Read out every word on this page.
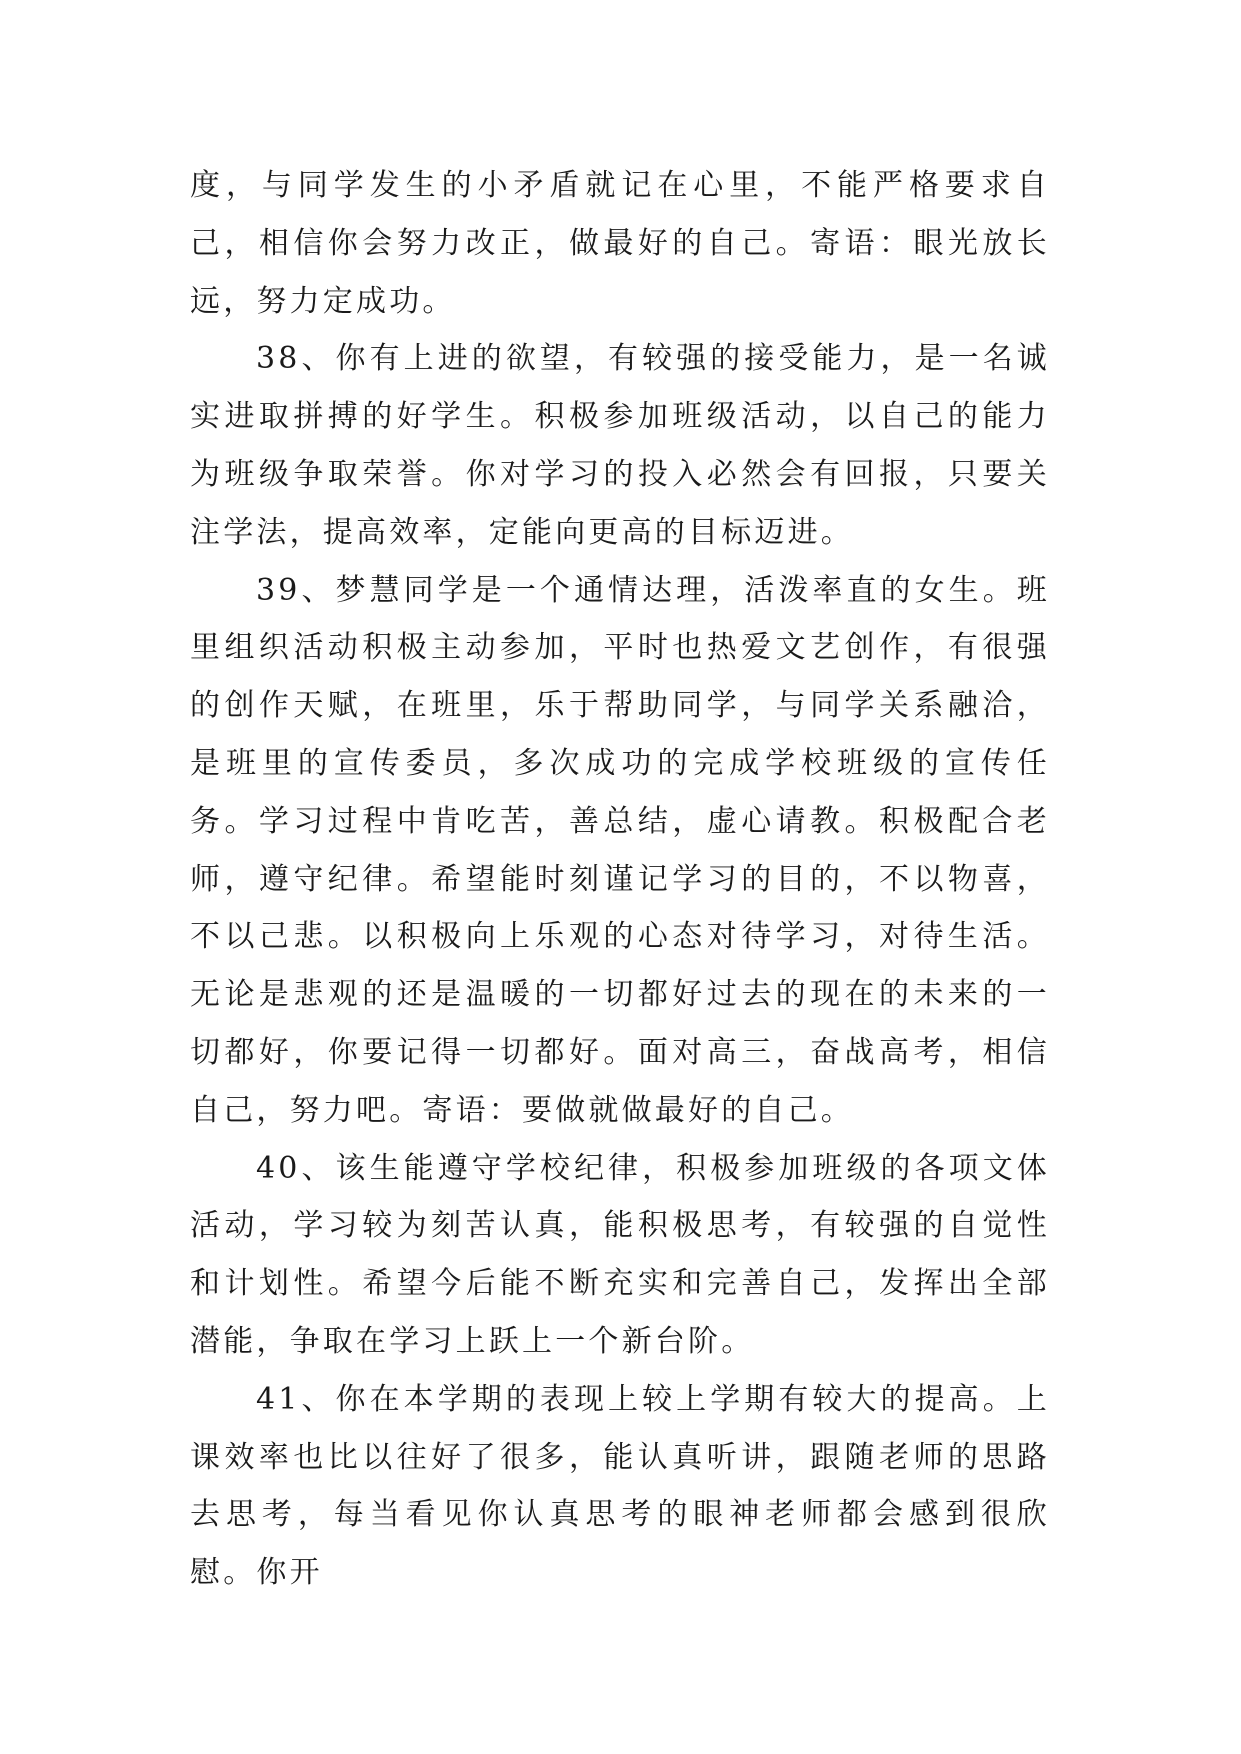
度，与同学发生的小矛盾就记在心里，不能严格要求自己，相信你会努力改正，做最好的自己。寄语：眼光放长远，努力定成功。

38、你有上进的欲望，有较强的接受能力，是一名诚实进取拼搏的好学生。积极参加班级活动，以自己的能力为班级争取荣誉。你对学习的投入必然会有回报，只要关注学法，提高效率，定能向更高的目标迈进。

39、梦慧同学是一个通情达理，活泼率直的女生。班里组织活动积极主动参加，平时也热爱文艺创作，有很强的创作天赋，在班里，乐于帮助同学，与同学关系融洽，是班里的宣传委员，多次成功的完成学校班级的宣传任务。学习过程中肯吃苦，善总结，虚心请教。积极配合老师，遵守纪律。希望能时刻谨记学习的目的，不以物喜，不以己悲。以积极向上乐观的心态对待学习，对待生活。无论是悲观的还是温暖的一切都好过去的现在的未来的一切都好，你要记得一切都好。面对高三，奋战高考，相信自己，努力吧。寄语：要做就做最好的自己。

40、该生能遵守学校纪律，积极参加班级的各项文体活动，学习较为刻苦认真，能积极思考，有较强的自觉性和计划性。希望今后能不断充实和完善自己，发挥出全部潜能，争取在学习上跃上一个新台阶。

41、你在本学期的表现上较上学期有较大的提高。上课效率也比以往好了很多，能认真听讲，跟随老师的思路去思考，每当看见你认真思考的眼神老师都会感到很欣慰。你开
